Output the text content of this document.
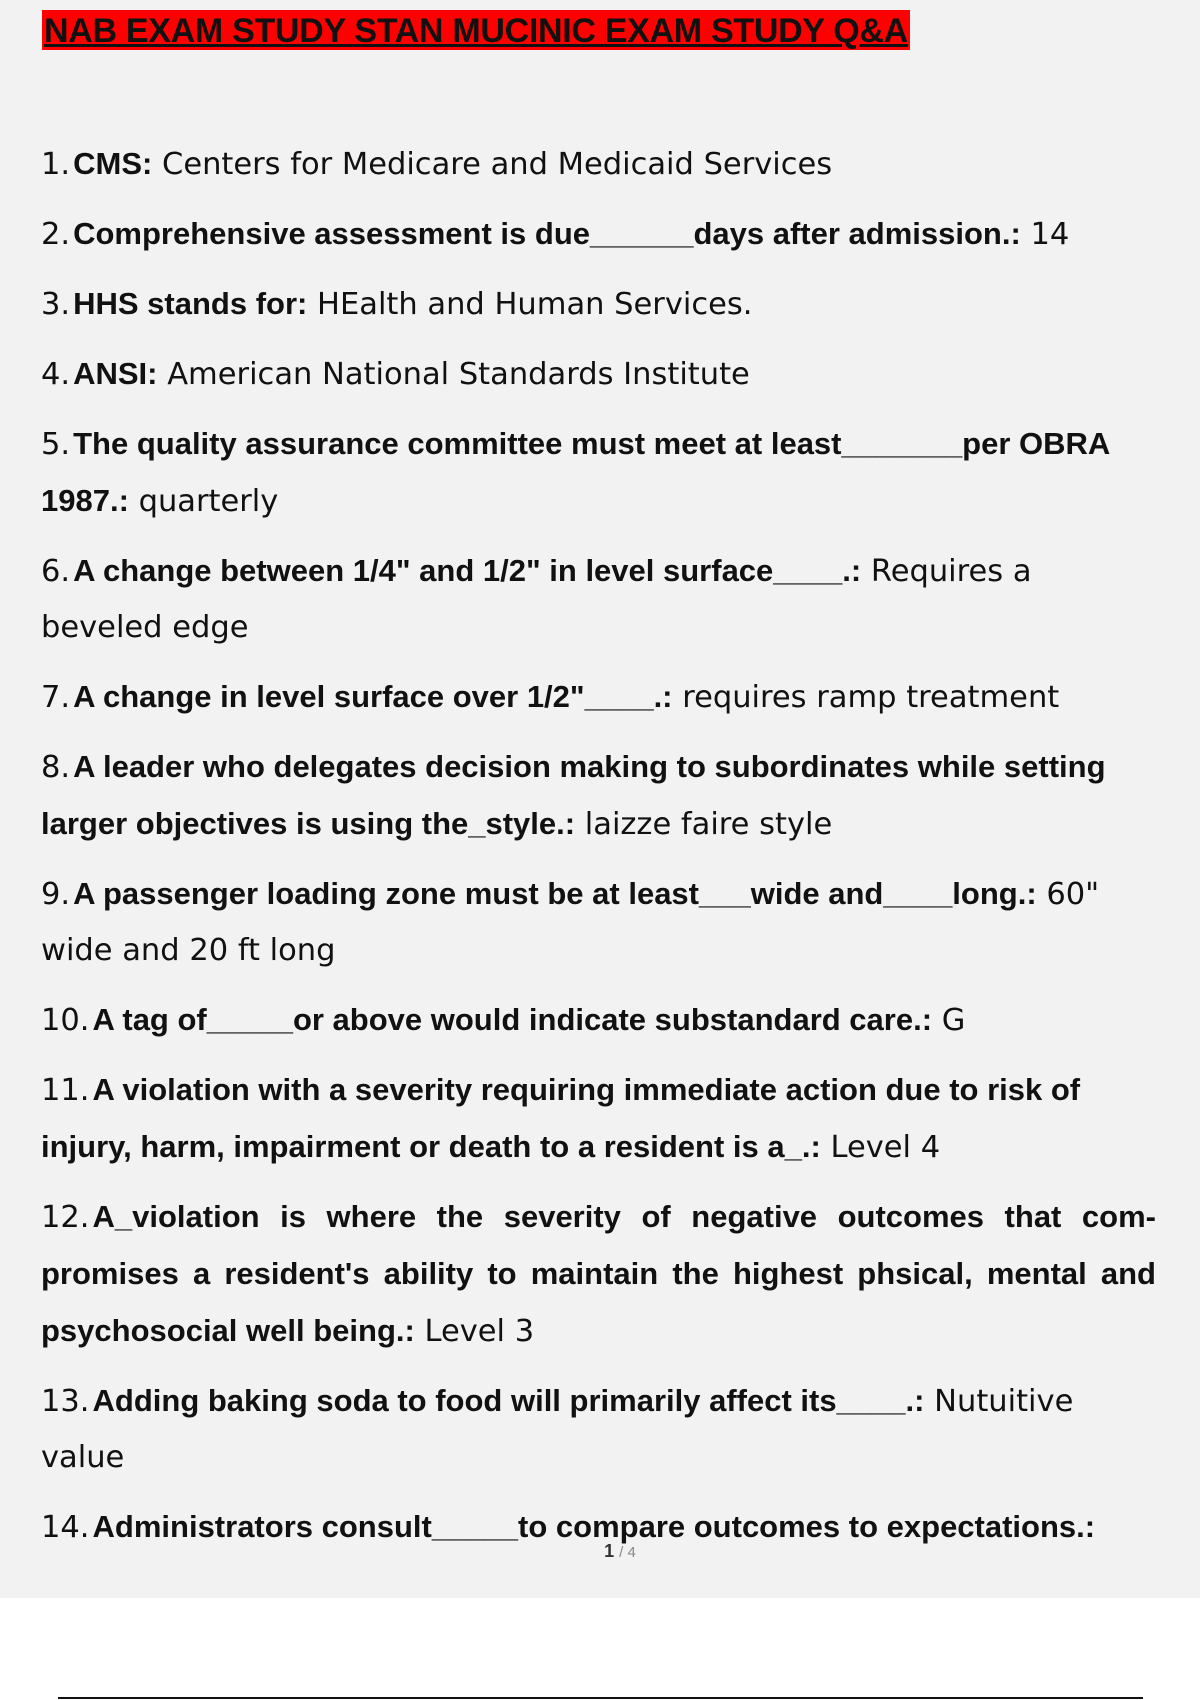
NAB EXAM STUDY STAN MUCINIC EXAM STUDY Q&A
1.CMS: Centers for Medicare and Medicaid Services
2.Comprehensive assessment is due______days after admission.: 14
3.HHS stands for: HEalth and Human Services.
4.ANSI: American National Standards Institute
5.The quality assurance committee must meet at least_______per OBRA 1987.: quarterly
6.A change between 1/4" and 1/2" in level surface____.: Requires a beveled edge
7.A change in level surface over 1/2"____.: requires ramp treatment
8.A leader who delegates decision making to subordinates while setting larger objectives is using the_style.: laizze faire style
9.A passenger loading zone must be at least___wide and____long.: 60" wide and 20 ft long
10.A tag of_____or above would indicate substandard care.: G
11.A violation with a severity requiring immediate action due to risk of injury, harm, impairment or death to a resident is a_.: Level 4
12.A_violation is where the severity of negative outcomes that com- promises a resident's ability to maintain the highest phsical, mental and psychosocial well being.: Level 3
13.Adding baking soda to food will primarily affect its____.: Nutuitive value
14.Administrators consult_____to compare outcomes to expectations.:
1 / 4
